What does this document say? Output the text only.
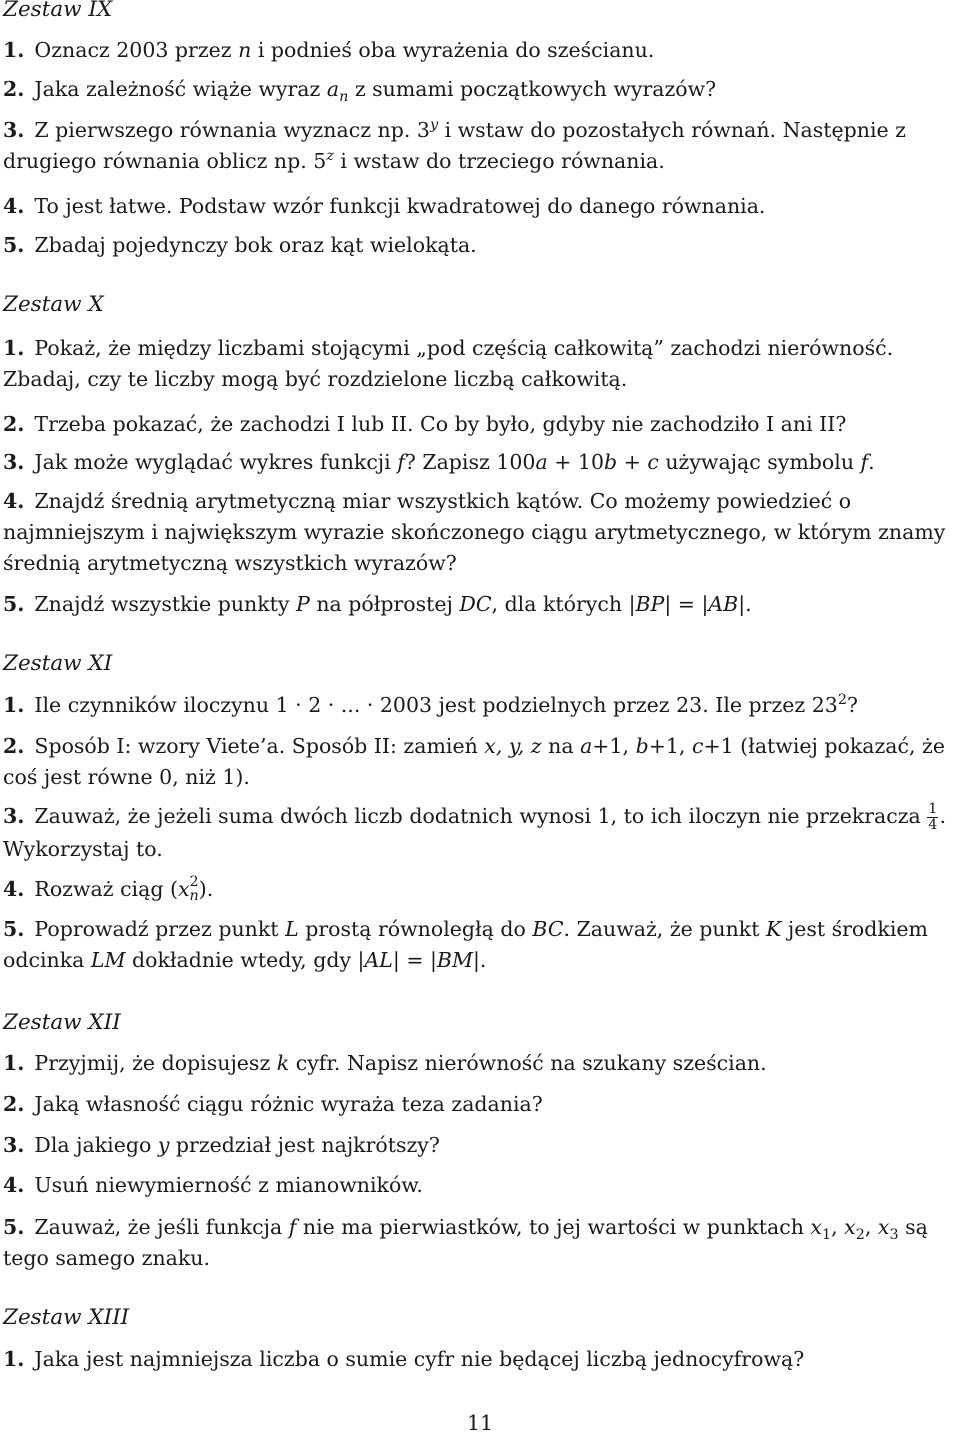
Zestaw IX
1. Oznacz 2003 przez n i podnieś oba wyrażenia do sześcianu.
2. Jaka zależność wiąże wyraz $a_n$ z sumami początkowych wyrazów?
3. Z pierwszego równania wyznacz np. 3$^y$ i wstaw do pozostałych równań. Następnie z drugiego równania oblicz np. 5$^z$ i wstaw do trzeciego równania.
4. To jest łatwe. Podstaw wzór funkcji kwadratowej do danego równania.
5. Zbadaj pojedynczy bok oraz kąt wielokąta.
Zestaw X
1. Pokaż, że między liczbami stojącymi „pod częścią całkowitą” zachodzi nierówność. Zbadaj, czy te liczby mogą być rozdzielone liczbą całkowitą.
2. Trzeba pokazać, że zachodzi I lub II. Co by było, gdyby nie zachodziło I ani II?
3. Jak może wyglądać wykres funkcji f? Zapisz 100a + 10b + c używając symbolu f.
4. Znajdź średnią arytmetyczną miar wszystkich kątów. Co możemy powiedzieć o najmniejszym i największym wyrazie skończonego ciągu arytmetycznego, w którym znamy średnią arytmetyczną wszystkich wyrazów?
5. Znajdź wszystkie punkty P na półprostej DC, dla których |BP| = |AB|.
Zestaw XI
1. Ile czynników iloczynu 1 · 2 · ... · 2003 jest podzielnych przez 23. Ile przez $23^2$?
2. Sposób I: wzory Viete’a. Sposób II: zamień x, y, z na a+1, b+1, c+1 (łatwiej pokazać, że coś jest równe 0, niż 1).
3. Zauważ, że jeżeli suma dwóch liczb dodatnich wynosi 1, to ich iloczyn nie przekracza $\frac{1}{4}$ . Wykorzystaj to.
4. Rozważ ciąg (x 2
n ).
5. Poprowadź przez punkt L prostą równoległą do BC. Zauważ, że punkt K jest środkiem odcinka LM dokładnie wtedy, gdy |AL| = |BM|.
Zestaw XII
1. Przyjmij, że dopisujesz k cyfr. Napisz nierówność na szukany sześcian.
2. Jaką własność ciągu różnic wyraża teza zadania?
3. Dla jakiego y przedział jest najkrótszy?
4. Usuń niewymierność z mianowników.
5. Zauważ, że jeśli funkcja f nie ma pierwiastków, to jej wartości w punktach $x_1$, $x_2$, $x_3$ są tego samego znaku.
Zestaw XIII
1. Jaka jest najmniejsza liczba o sumie cyfr nie będącej liczbą jednocyfrową?
11
